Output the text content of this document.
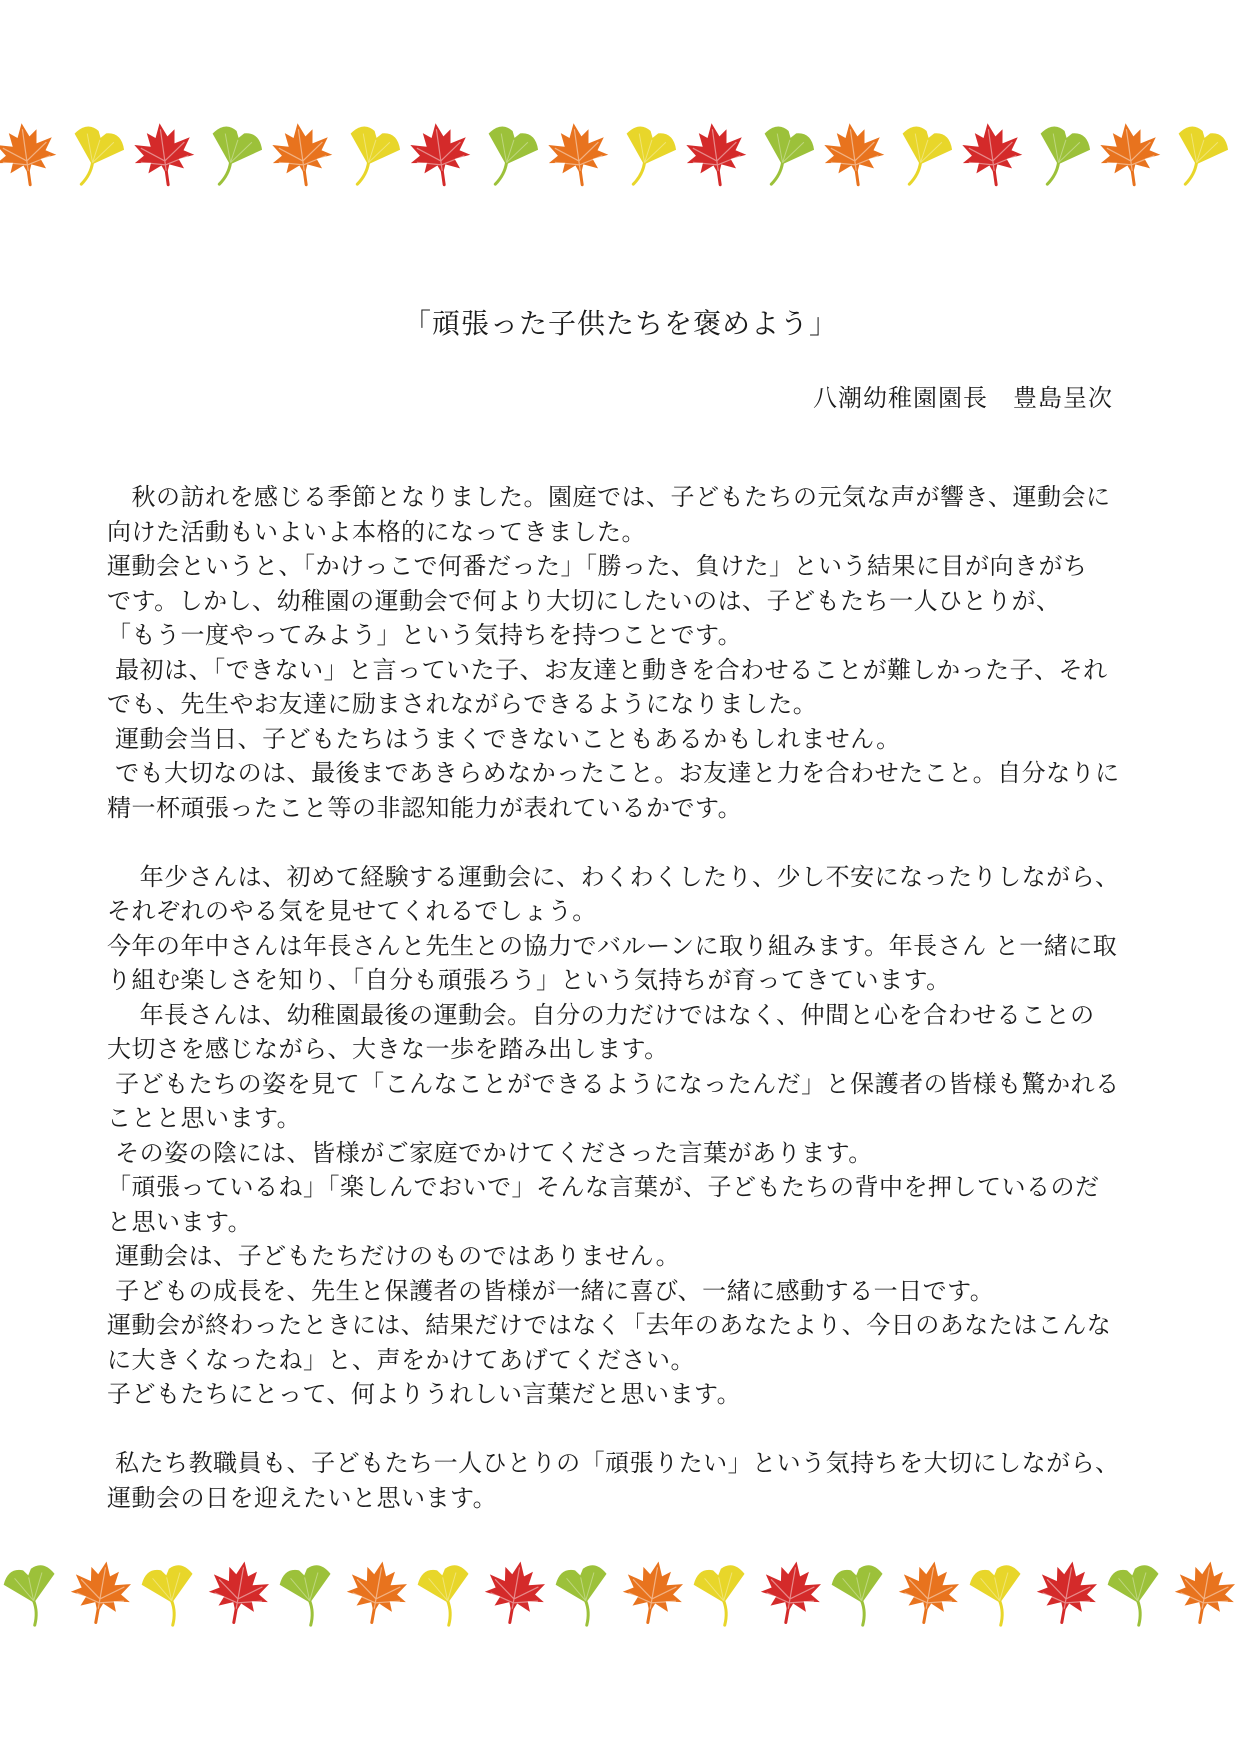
「頑張った子供たちを褒めよう」
八潮幼稚園園長　豊島呈次
　秋の訪れを感じる季節となりました。園庭では、子どもたちの元気な声が響き、運動会に
向けた活動もいよいよ本格的になってきました。
運動会というと、「かけっこで何番だった」「勝った、負けた」という結果に目が向きがち
です。しかし、幼稚園の運動会で何より大切にしたいのは、子どもたち一人ひとりが、
「もう一度やってみよう」という気持ちを持つことです。
最初は、「できない」と言っていた子、お友達と動きを合わせることが難しかった子、それ
でも、先生やお友達に励まされながらできるようになりました。
運動会当日、子どもたちはうまくできないこともあるかもしれません。
でも大切なのは、最後まであきらめなかったこと。お友達と力を合わせたこと。自分なりに
精一杯頑張ったこと等の非認知能力が表れているかです。
　 年少さんは、初めて経験する運動会に、わくわくしたり、少し不安になったりしながら、
それぞれのやる気を見せてくれるでしょう。
今年の年中さんは年長さんと先生との協力でバルーンに取り組みます。年長さん と一緒に取
り組む楽しさを知り、「自分も頑張ろう」という気持ちが育ってきています。
　 年長さんは、幼稚園最後の運動会。自分の力だけではなく、仲間と心を合わせることの
大切さを感じながら、大きな一歩を踏み出します。
子どもたちの姿を見て「こんなことができるようになったんだ」と保護者の皆様も驚かれる
ことと思います。
その姿の陰には、皆様がご家庭でかけてくださった言葉があります。
「頑張っているね」「楽しんでおいで」そんな言葉が、子どもたちの背中を押しているのだ
と思います。
運動会は、子どもたちだけのものではありません。
子どもの成長を、先生と保護者の皆様が一緒に喜び、一緒に感動する一日です。
運動会が終わったときには、結果だけではなく「去年のあなたより、今日のあなたはこんな
に大きくなったね」と、声をかけてあげてください。
子どもたちにとって、何よりうれしい言葉だと思います。
私たち教職員も、子どもたち一人ひとりの「頑張りたい」という気持ちを大切にしながら、
運動会の日を迎えたいと思います。
